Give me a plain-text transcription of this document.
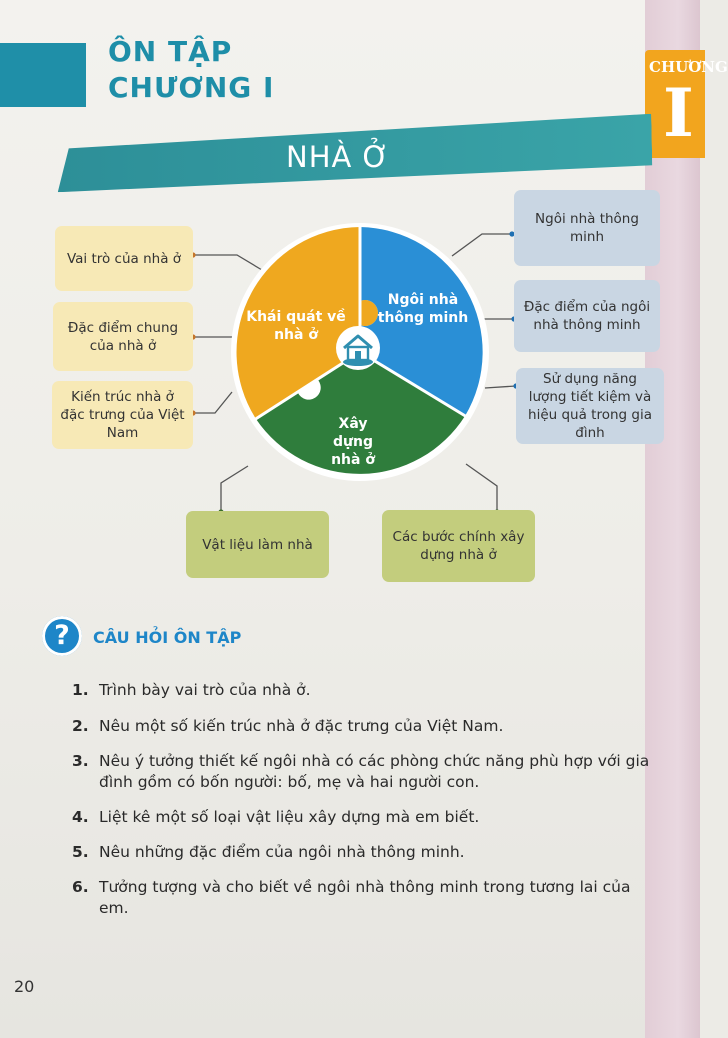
CHƯƠNG
I
ÔN TẬP
CHƯƠNG I
NHÀ Ở
Khái quát về nhà ở
Ngôi nhà thông minh
Xây dựng nhà ở
Vai trò của nhà ở
Đặc điểm chung của nhà ở
Kiến trúc nhà ở đặc trưng của Việt Nam
Ngôi nhà thông minh
Đặc điểm của ngôi nhà thông minh
Sử dụng năng lượng tiết kiệm và hiệu quả trong gia đình
Vật liệu làm nhà	Các bước chính xây dựng nhà ở
?	CÂU HỎI ÔN TẬP
1. Trình bày vai trò của nhà ở.
2. Nêu một số kiến trúc nhà ở đặc trưng của Việt Nam.
3. Nêu ý tưởng thiết kế ngôi nhà có các phòng chức năng phù hợp với gia đình gồm có bốn người: bố, mẹ và hai người con.
4. Liệt kê một số loại vật liệu xây dựng mà em biết.
5. Nêu những đặc điểm của ngôi nhà thông minh.
6. Tưởng tượng và cho biết về ngôi nhà thông minh trong tương lai của em.
20
